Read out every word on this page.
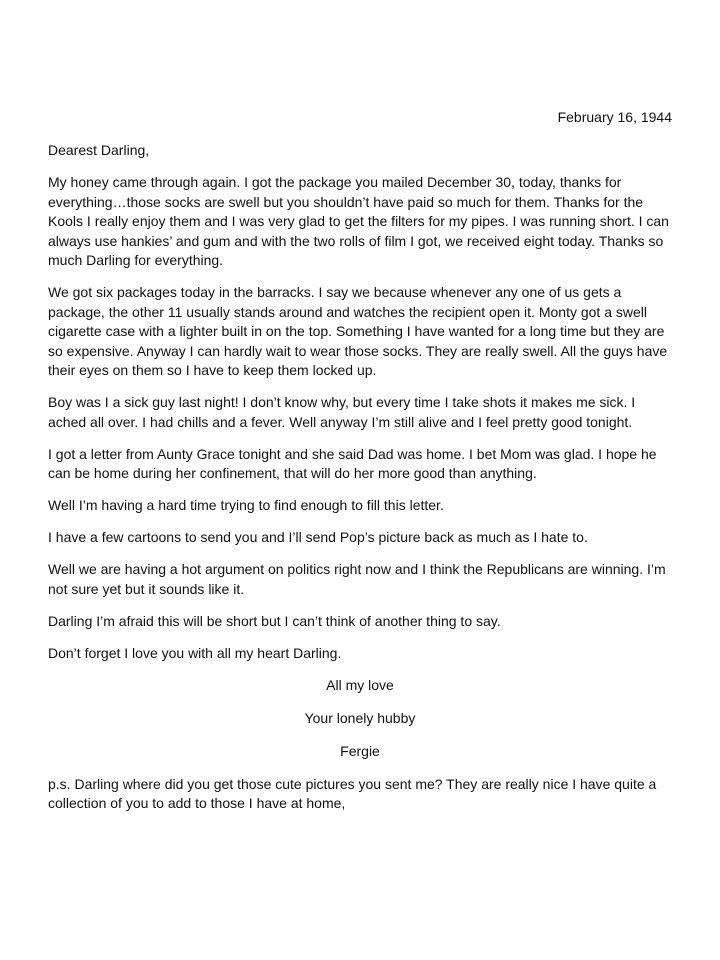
February 16, 1944

Dearest Darling,

My honey came through again. I got the package you mailed December 30, today, thanks for everything…those socks are swell but you shouldn’t have paid so much for them. Thanks for the Kools I really enjoy them and I was very glad to get the filters for my pipes. I was running short. I can always use hankies’ and gum and with the two rolls of film I got, we received eight today. Thanks so much Darling for everything.

We got six packages today in the barracks. I say we because whenever any one of us gets a package, the other 11 usually stands around and watches the recipient open it. Monty got a swell cigarette case with a lighter built in on the top. Something I have wanted for a long time but they are so expensive. Anyway I can hardly wait to wear those socks. They are really swell. All the guys have their eyes on them so I have to keep them locked up.

Boy was I a sick guy last night! I don’t know why, but every time I take shots it makes me sick. I ached all over. I had chills and a fever. Well anyway I’m still alive and I feel pretty good tonight.

I got a letter from Aunty Grace tonight and she said Dad was home. I bet Mom was glad. I hope he can be home during her confinement, that will do her more good than anything.

Well I’m having a hard time trying to find enough to fill this letter.

I have a few cartoons to send you and I’ll send Pop’s picture back as much as I hate to.

Well we are having a hot argument on politics right now and I think the Republicans are winning. I’m not sure yet but it sounds like it.

Darling I’m afraid this will be short but I can’t think of another thing to say.

Don’t forget I love you with all my heart Darling.

All my love

Your lonely hubby

Fergie

p.s. Darling where did you get those cute pictures you sent me? They are really nice I have quite a collection of you to add to those I have at home,
